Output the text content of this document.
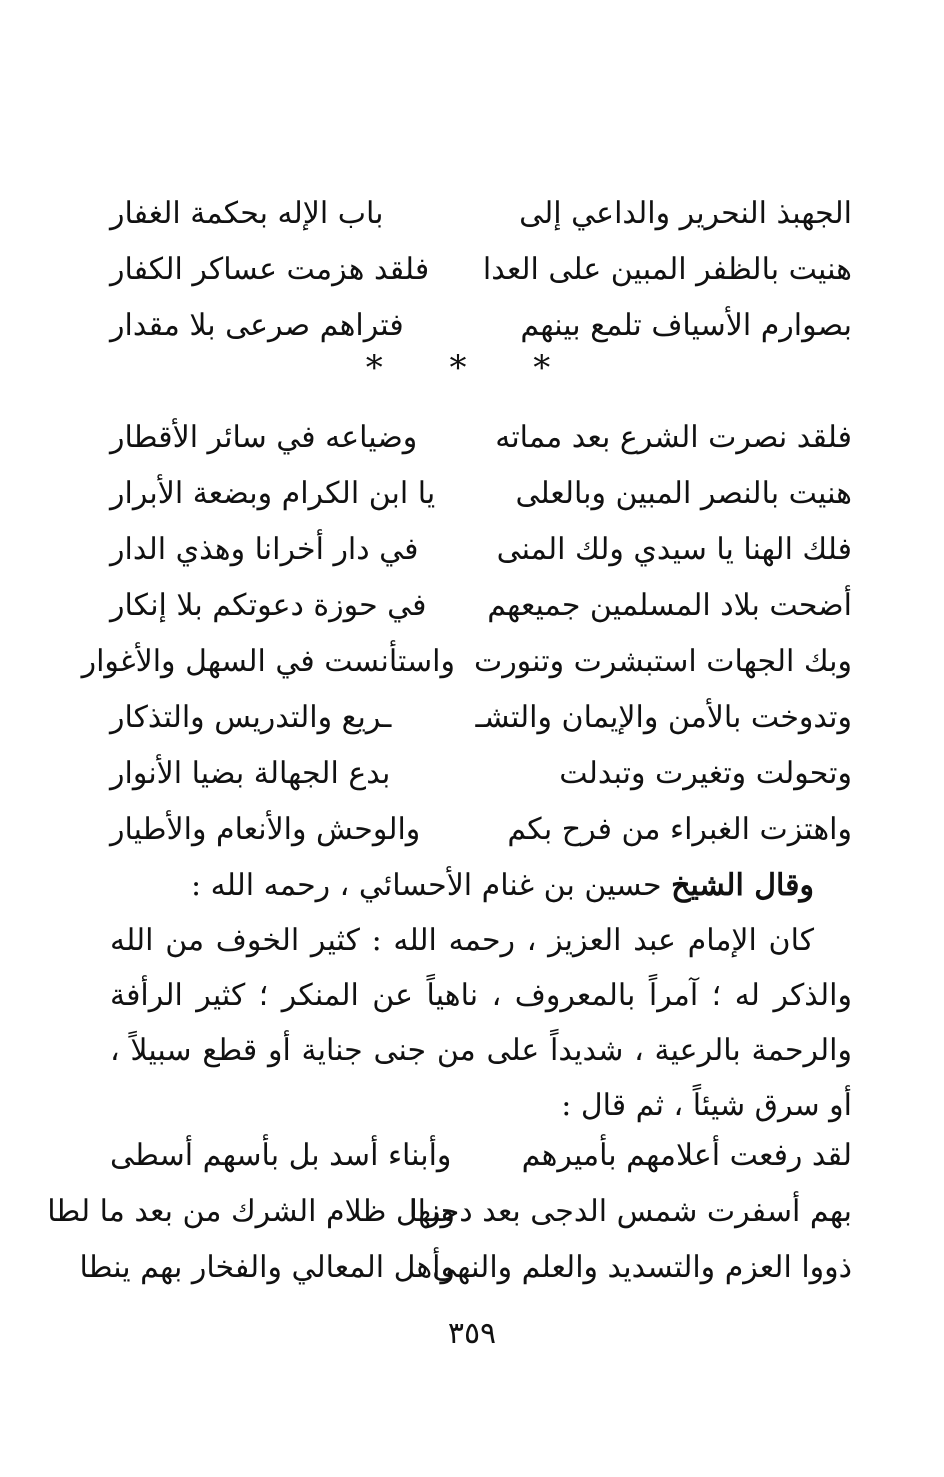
الجهبذ النحرير والداعي إلى
باب الإله بحكمة الغفار
هنيت بالظفر المبين على العدا
فلقد هزمت عساكر الكفار
بصوارم الأسياف تلمع بينهم
فتراهم صرعى بلا مقدار
* * *
فلقد نصرت الشرع بعد مماته
وضياعه في سائر الأقطار
هنيت بالنصر المبين وبالعلى
يا ابن الكرام وبضعة الأبرار
فلك الهنا يا سيدي ولك المنى
في دار أخرانا وهذي الدار
أضحت بلاد المسلمين جميعهم
في حوزة دعوتكم بلا إنكار
وبك الجهات استبشرت وتنورت
واستأنست في السهل والأغوار
وتدوخت بالأمن والإيمان والتشـ
ـريع والتدريس والتذكار
وتحولت وتغيرت وتبدلت
بدع الجهالة بضيا الأنوار
واهتزت الغبراء من فرح بكم
والوحش والأنعام والأطيار

وقال الشيخ حسين بن غنام الأحسائي ، رحمه الله :

كان الإمام عبد العزيز ، رحمه الله : كثير الخوف من الله والذكر له ؛ آمراً بالمعروف ، ناهياً عن المنكر ؛ كثير الرأفة والرحمة بالرعية ، شديداً على من جنى جناية أو قطع سبيلاً ، أو سرق شيئاً ، ثم قال :

لقد رفعت أعلامهم بأميرهم
وأبناء أسد بل بأسهم أسطى
بهم أسفرت شمس الدجى بعد دجنها
وزال ظلام الشرك من بعد ما لطا
ذووا العزم والتسديد والعلم والنهى
وأهل المعالي والفخار بهم ينطا
٣٥٩
